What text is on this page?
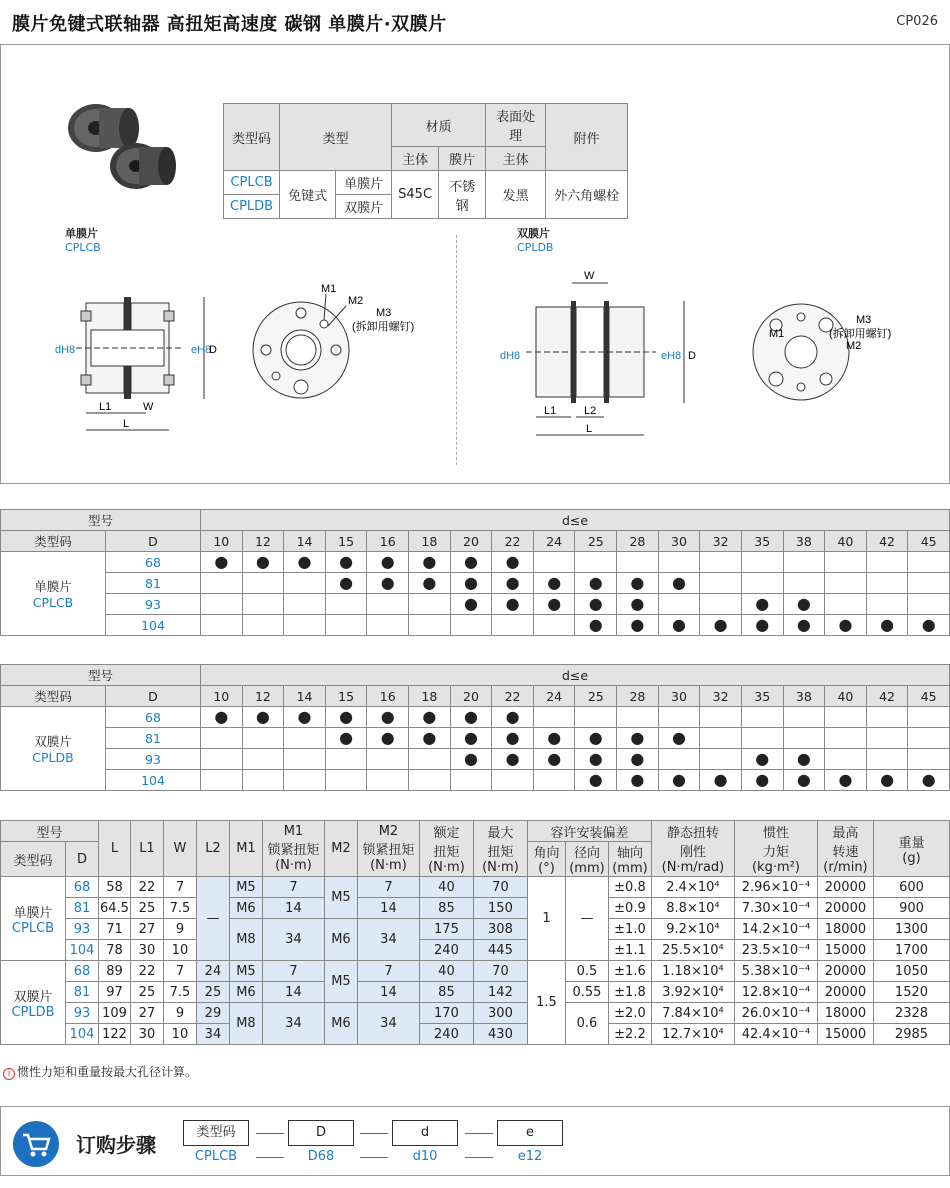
膜片免键式联轴器 高扭矩高速度 碳钢 单膜片·双膜片	CP026
类型码	类型		材质		表面处理	附件
			主体	膜片	主体	
CPLCB	免键式	单膜片	S45C	不锈钢	发黑	外六角螺栓
CPLDB		双膜片				
单膜片
CPLCB
双膜片
CPLDB
eH8
D
dH8
L1	W
L
M1
M2
M3
(拆卸用螺钉)
W
eH8 D
dH8
L1	L2
L
M1
M2
M3
(拆卸用螺钉)
型号		d≤e																	
类型码	D	10	12	14	15	16	18	20	22	24	25	28	30	32	35	38	40	42	45

单膜片
CPLCB	68	●	●	●	●	●	●	●	●										
	81				●	●	●	●	●	●	●	●	●						
	93							●	●	●	●	●			●	●			
	104										●	●	●	●	●	●	●	●	●
型号		d≤e																	
类型码	D	10	12	14	15	16	18	20	22	24	25	28	30	32	35	38	40	42	45

双膜片
CPLDB	68	●	●	●	●	●	●	●	●										
	81				●	●	●	●	●	●	●	●	●						
	93							●	●	●	●	●			●	●			
	104										●	●	●	●	●	●	●	●	●
型号		L	L1	W	L2	M1	M1
锁紧扭矩
(N·m)	M2	M2
锁紧扭矩
(N·m)	额定
扭矩
(N·m)	最大
扭矩
(N·m)	容许安装偏差			静态扭转
刚性
(N·m/rad)	惯性
力矩
(kg·m²)	最高
转速
(r/min)	重量
(g)
类型码	D											角向
(°)	径向
(mm)	轴向
(mm)				

单膜片
CPLCB	68	58	22	7	—	M5	7	M5	7	40	70	1	—	±0.8	2.4×10⁴	2.96×10⁻⁴	20000	600
	81	64.5	25	7.5		M6	14		14	85	150			±0.9	8.8×10⁴	7.30×10⁻⁴	20000	900
	93	71	27	9		M8	34	M6	34	175	308			±1.0	9.2×10⁴	14.2×10⁻⁴	18000	1300
	104	78	30	10						240	445			±1.1	25.5×10⁴	23.5×10⁻⁴	15000	1700

双膜片
CPLDB	68	89	22	7	24	M5	7	M5	7	40	70	1.5	0.5	±1.6	1.18×10⁴	5.38×10⁻⁴	20000	1050
	81	97	25	7.5	25	M6	14		14	85	142		0.55	±1.8	3.92×10⁴	12.8×10⁻⁴	20000	1520
	93	109	27	9	29	M8	34	M6	34	170	300		0.6	±2.0	7.84×10⁴	26.0×10⁻⁴	18000	2328
	104	122	30	10	34					240	430			±2.2	12.7×10⁴	42.4×10⁻⁴	15000	2985
i 惯性力矩和重量按最大孔径计算。
订购步骤
类型码	D	d	e
CPLCB	D68	d10	e12
